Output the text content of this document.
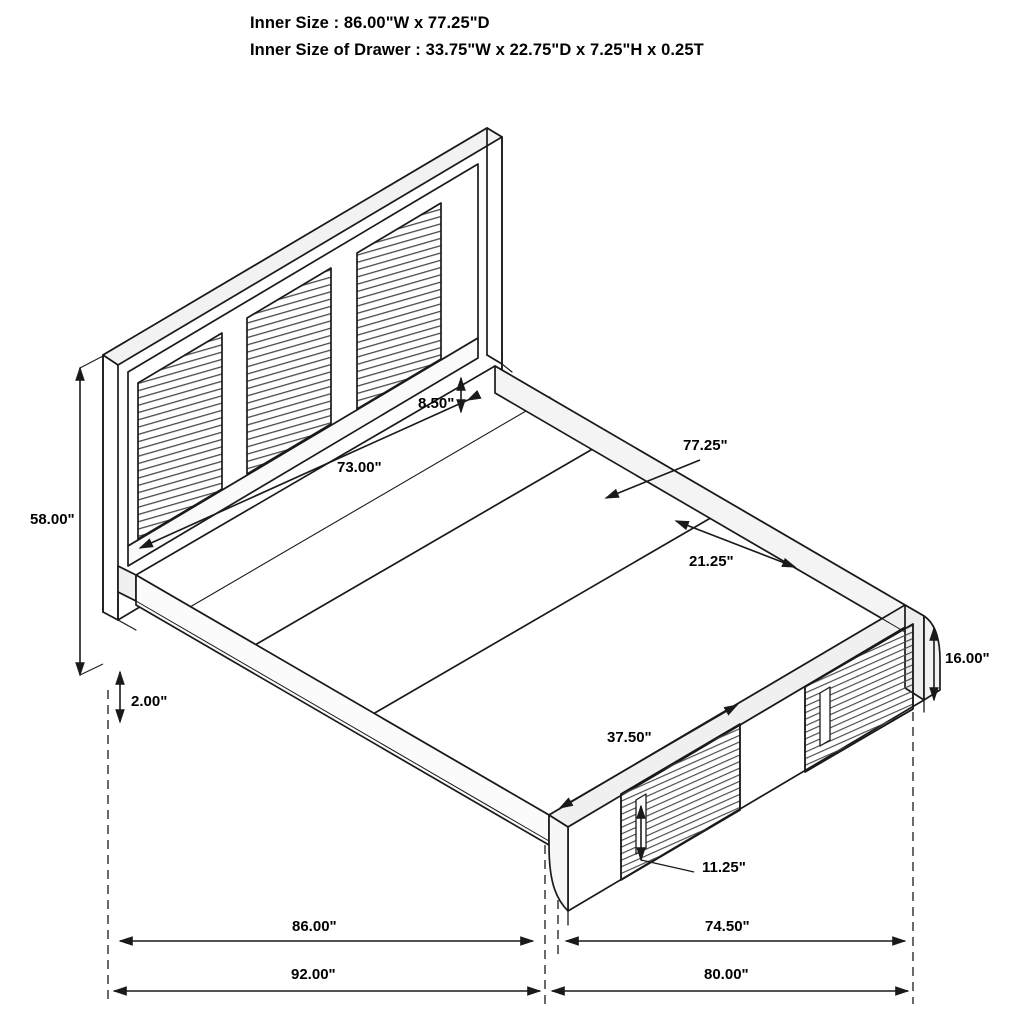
Inner Size : 86.00"W x 77.25"D
Inner Size of Drawer : 33.75"W x 22.75"D x 7.25"H x 0.25T
58.00"
8.50"
73.00"
77.25"
21.25"
16.00"
2.00"
37.50"
11.25"
86.00"	74.50"
92.00"	80.00"
